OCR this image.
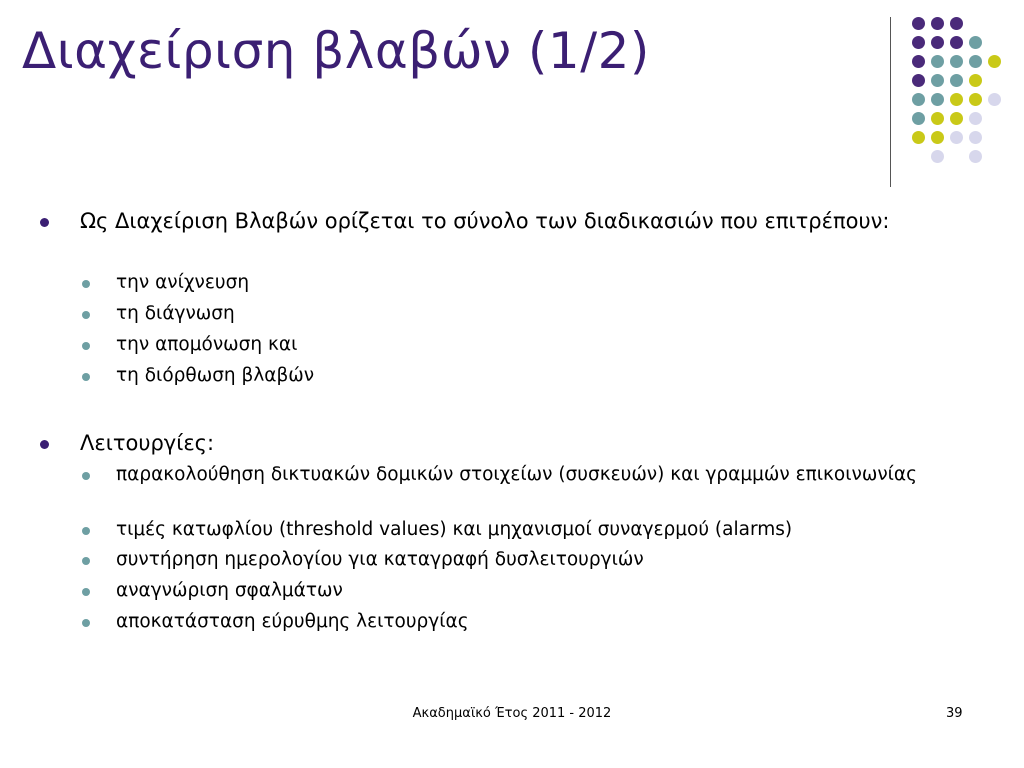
Διαχείριση βλαβών (1/2)
Ως Διαχείριση Βλαβών ορίζεται το σύνολο των διαδικασιών που επιτρέπουν:
την ανίχνευση
τη διάγνωση
την απομόνωση και
τη διόρθωση βλαβών
Λειτουργίες:
παρακολούθηση δικτυακών δομικών στοιχείων (συσκευών) και γραμμών επικοινωνίας
τιμές κατωφλίου (threshold values) και μηχανισμοί συναγερμού (alarms)
συντήρηση ημερολογίου για καταγραφή δυσλειτουργιών
αναγνώριση σφαλμάτων
αποκατάσταση εύρυθμης λειτουργίας
Ακαδημαϊκό Έτος 2011 - 2012	39
